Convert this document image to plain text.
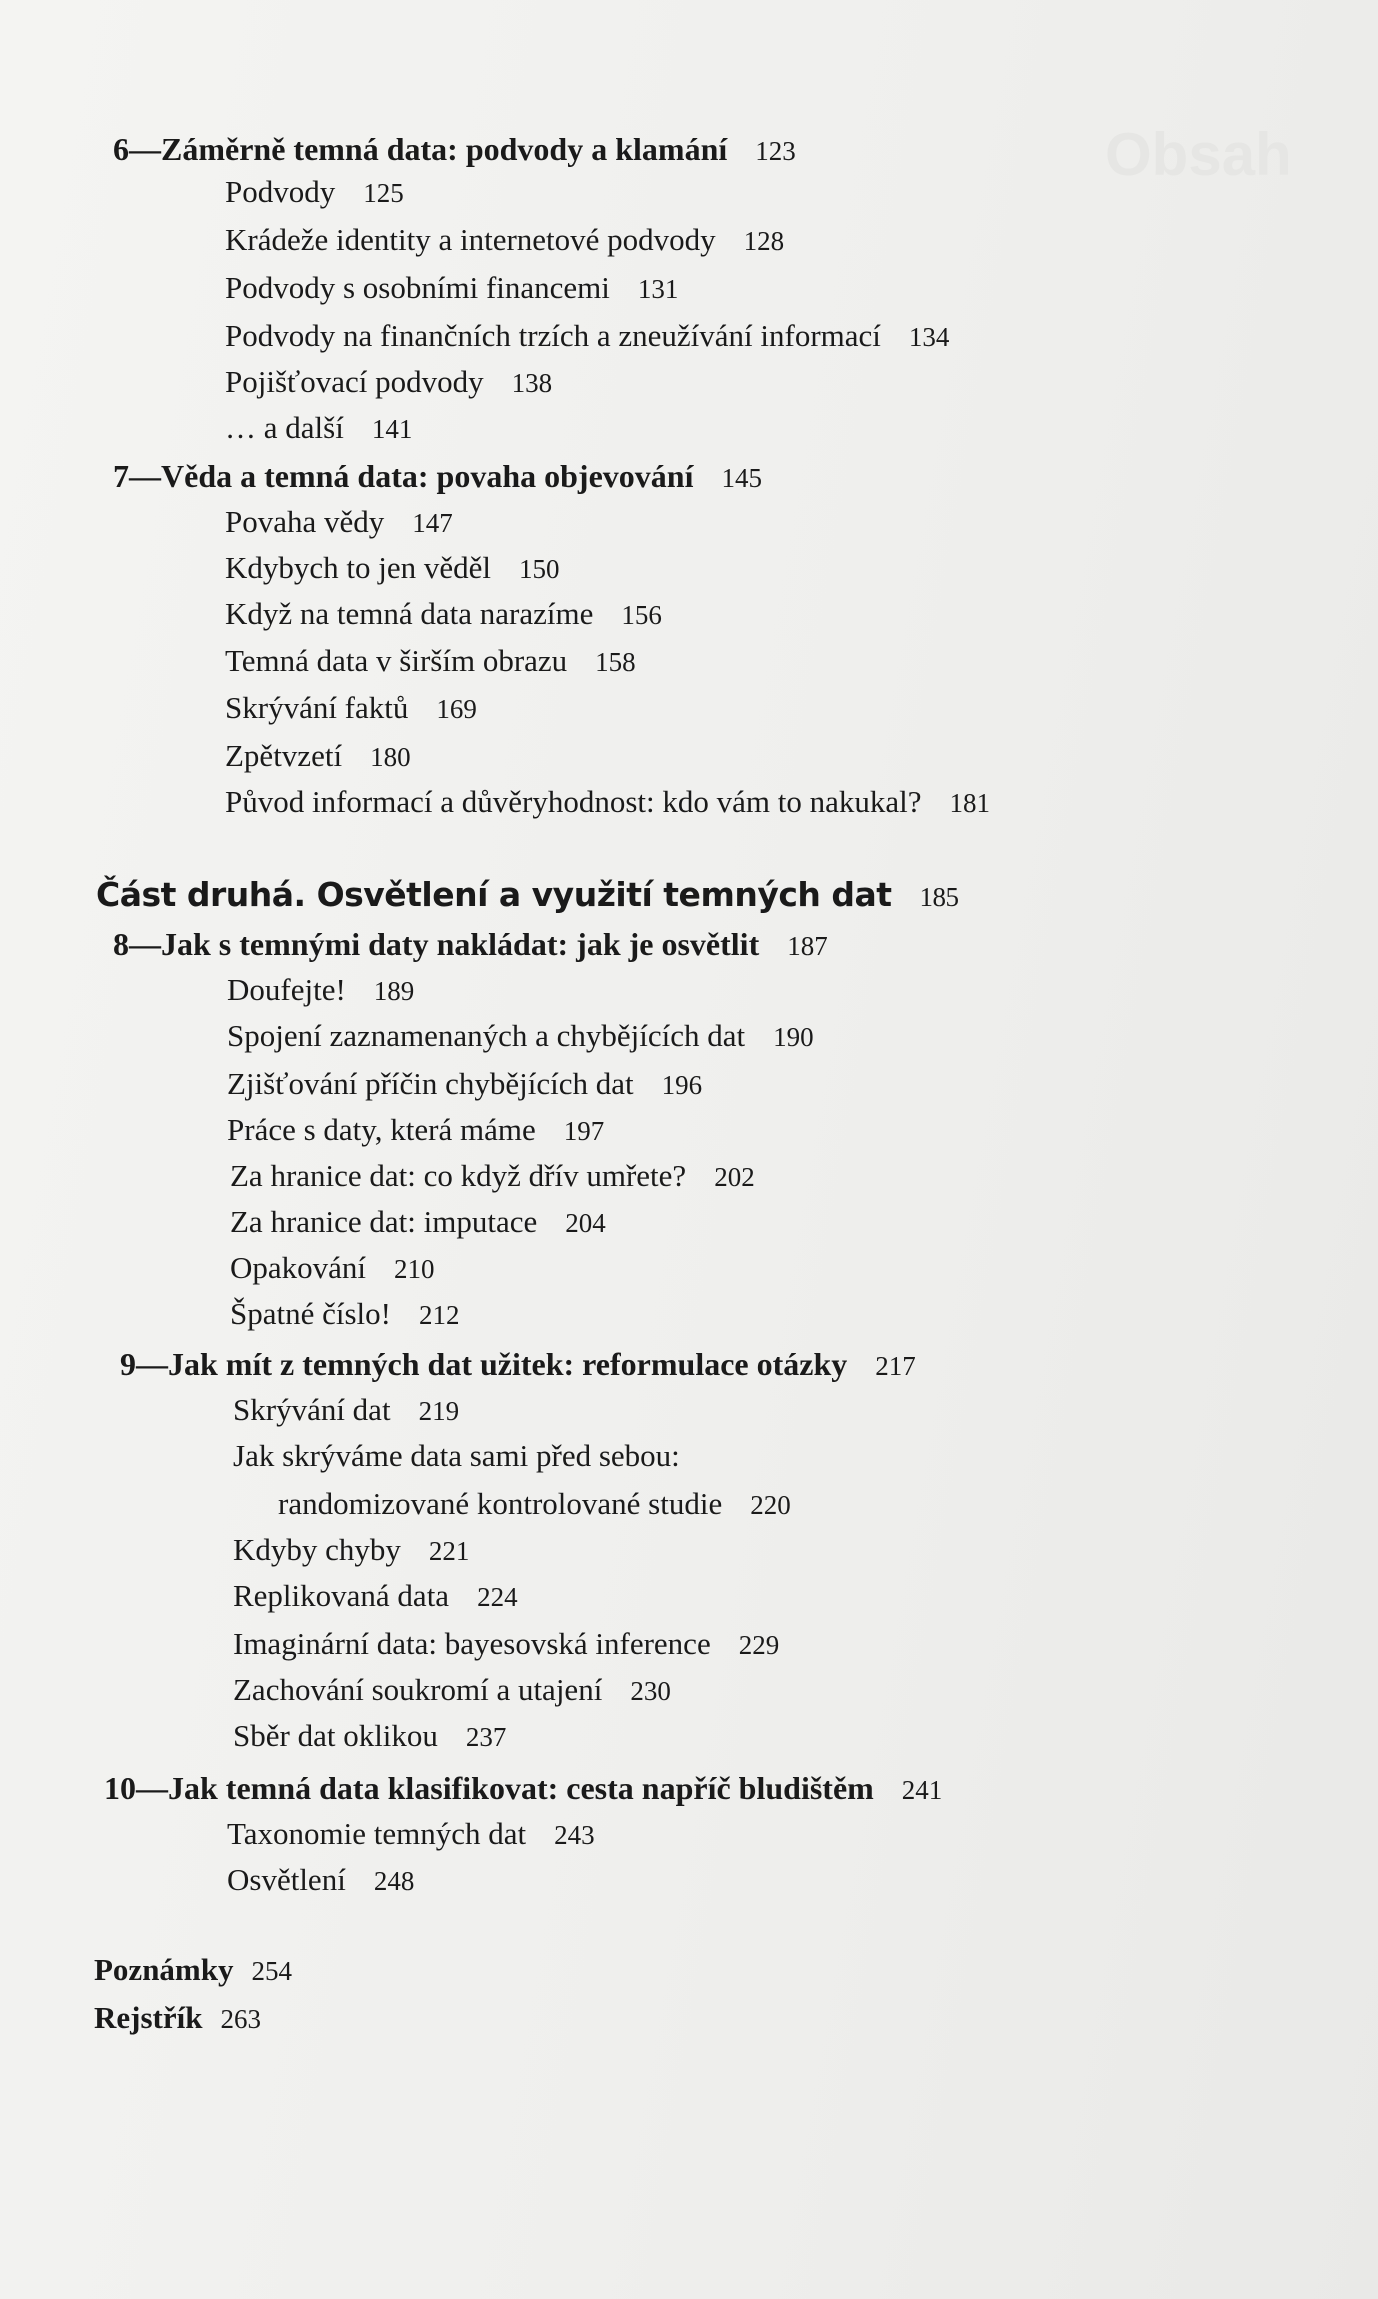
Obsah
6—Záměrně temná data: podvody a klamání 123
Podvody 125
Krádeže identity a internetové podvody 128
Podvody s osobními financemi 131
Podvody na finančních trzích a zneužívání informací 134
Pojišťovací podvody 138
… a další 141
7—Věda a temná data: povaha objevování 145
Povaha vědy 147
Kdybych to jen věděl 150
Když na temná data narazíme 156
Temná data v širším obrazu 158
Skrývání faktů 169
Zpětvzetí 180
Původ informací a důvěryhodnost: kdo vám to nakukal? 181
Část druhá. Osvětlení a využití temných dat 185
8—Jak s temnými daty nakládat: jak je osvětlit 187
Doufejte! 189
Spojení zaznamenaných a chybějících dat 190
Zjišťování příčin chybějících dat 196
Práce s daty, která máme 197
Za hranice dat: co když dřív umřete? 202
Za hranice dat: imputace 204
Opakování 210
Špatné číslo! 212
9—Jak mít z temných dat užitek: reformulace otázky 217
Skrývání dat 219
Jak skrýváme data sami před sebou:
randomizované kontrolované studie 220
Kdyby chyby 221
Replikovaná data 224
Imaginární data: bayesovská inference 229
Zachování soukromí a utajení 230
Sběr dat oklikou 237
10—Jak temná data klasifikovat: cesta napříč bludištěm 241
Taxonomie temných dat 243
Osvětlení 248
Poznámky 254
Rejstřík 263
